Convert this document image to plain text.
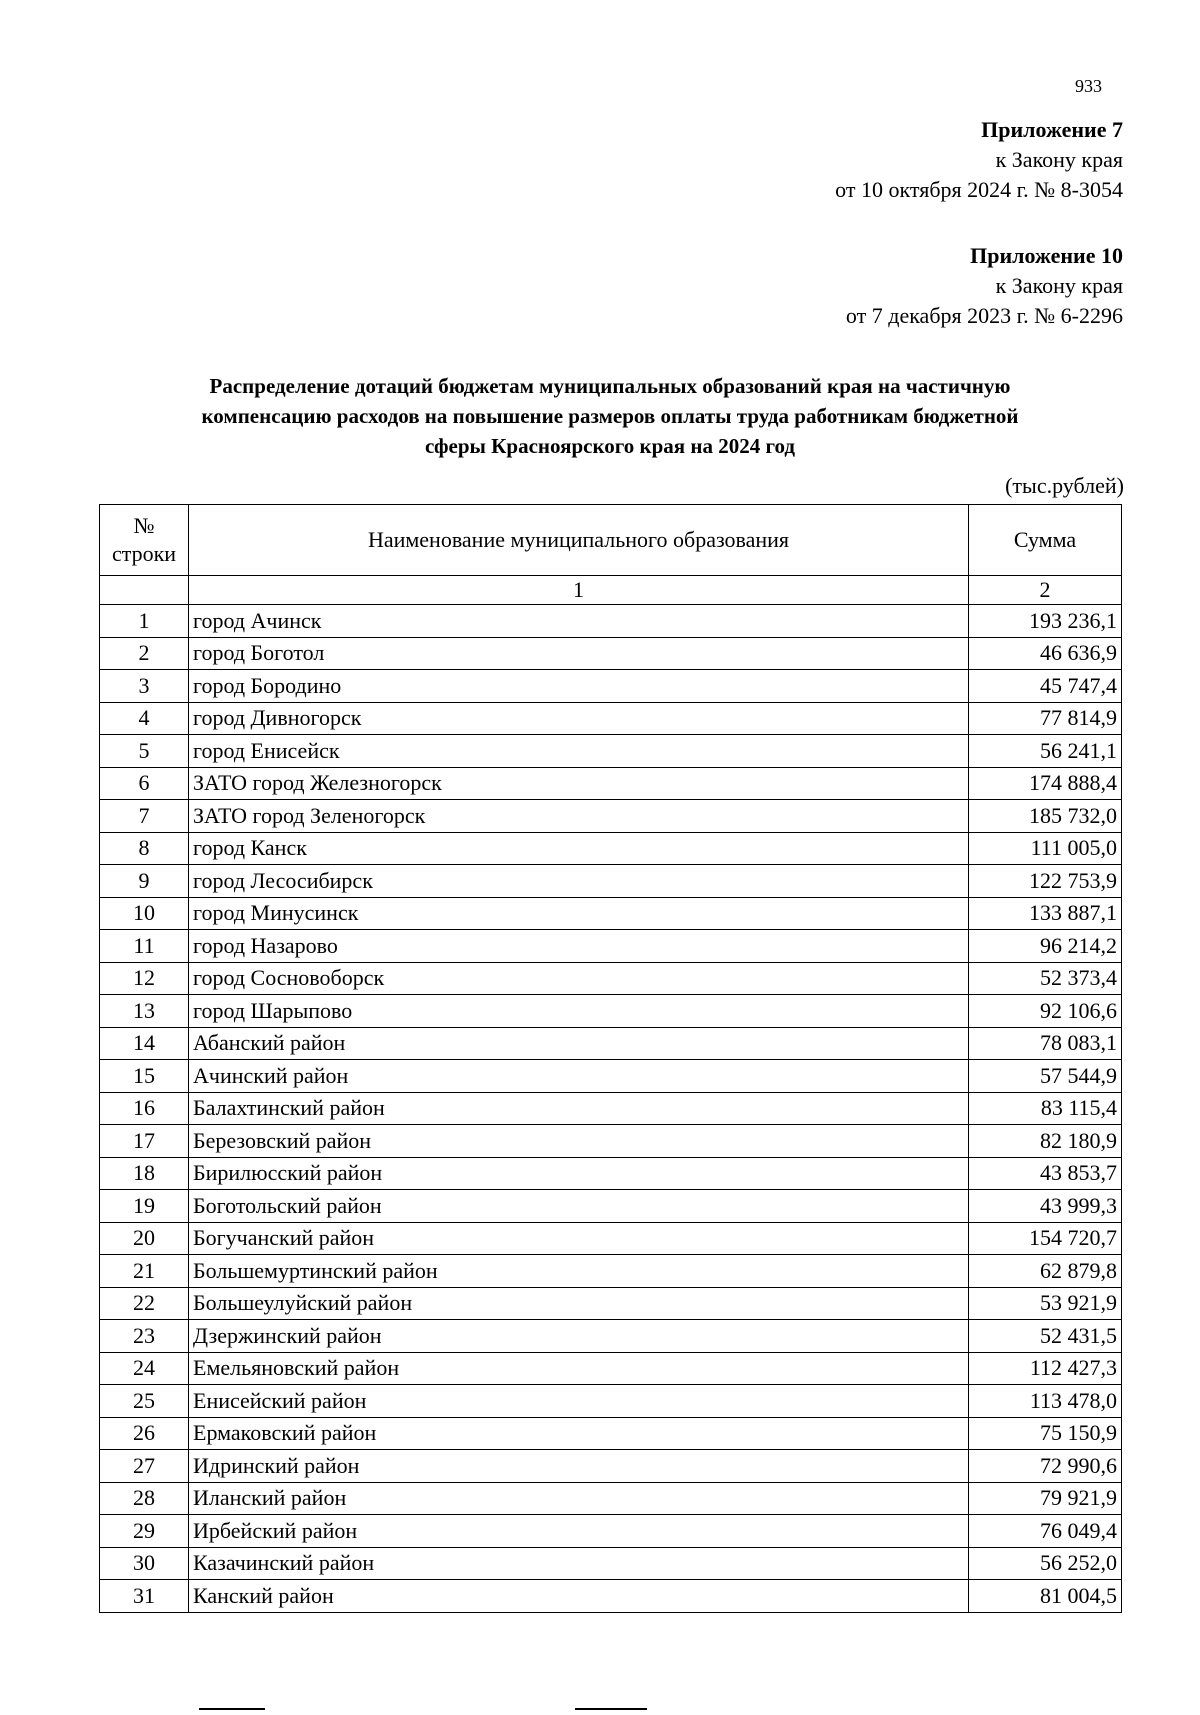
933
Приложение 7
к Закону края
от 10 октября 2024 г. № 8-3054
Приложение 10
к Закону края
от 7 декабря 2023 г. № 6-2296
Распределение дотаций бюджетам муниципальных образований края на частичную
компенсацию расходов на повышение размеров оплаты труда работникам бюджетной
сферы Красноярского края на 2024 год
(тыс.рублей)
№
строки	Наименование муниципального образования	Сумма
	1	2
1	город Ачинск	193 236,1
2	город Боготол	46 636,9
3	город Бородино	45 747,4
4	город Дивногорск	77 814,9
5	город Енисейск	56 241,1
6	ЗАТО город Железногорск	174 888,4
7	ЗАТО город Зеленогорск	185 732,0
8	город Канск	111 005,0
9	город Лесосибирск	122 753,9
10	город Минусинск	133 887,1
11	город Назарово	96 214,2
12	город Сосновоборск	52 373,4
13	город Шарыпово	92 106,6
14	Абанский район	78 083,1
15	Ачинский район	57 544,9
16	Балахтинский район	83 115,4
17	Березовский район	82 180,9
18	Бирилюсский район	43 853,7
19	Боготольский район	43 999,3
20	Богучанский район	154 720,7
21	Большемуртинский район	62 879,8
22	Большеулуйский район	53 921,9
23	Дзержинский район	52 431,5
24	Емельяновский район	112 427,3
25	Енисейский район	113 478,0
26	Ермаковский район	75 150,9
27	Идринский район	72 990,6
28	Иланский район	79 921,9
29	Ирбейский район	76 049,4
30	Казачинский район	56 252,0
31	Канский район	81 004,5
